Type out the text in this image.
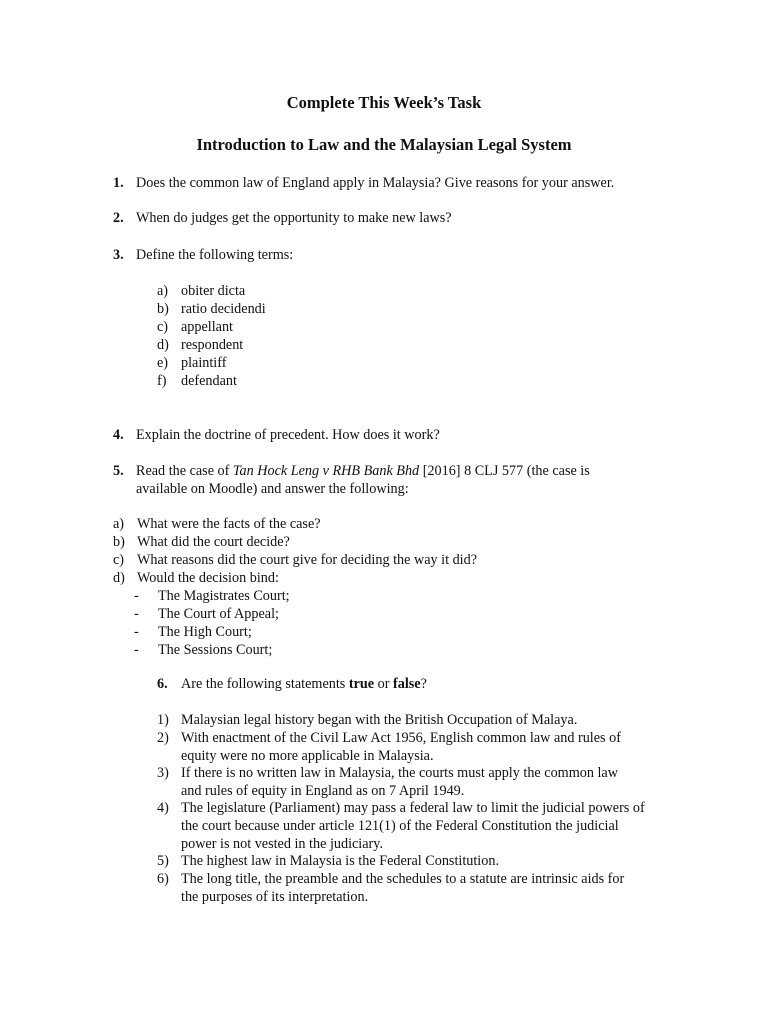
Complete This Week’s Task
Introduction to Law and the Malaysian Legal System
1. Does the common law of England apply in Malaysia? Give reasons for your answer.
2. When do judges get the opportunity to make new laws?
3. Define the following terms:
a) obiter dicta
b) ratio decidendi
c) appellant
d) respondent
e) plaintiff
f)	defendant
4. Explain the doctrine of precedent. How does it work?
5. Read the case of Tan Hock Leng v RHB Bank Bhd [2016] 8 CLJ 577 (the case is
available on Moodle) and answer the following:
a) What were the facts of the case?
b) What did the court decide?
c) What reasons did the court give for deciding the way it did?
d) Would the decision bind:
-	The Magistrates Court;
-	The Court of Appeal;
-	The High Court;
-	The Sessions Court;
6. Are the following statements true or false?
1) Malaysian legal history began with the British Occupation of Malaya.
2) With enactment of the Civil Law Act 1956, English common law and rules of
equity were no more applicable in Malaysia.
3) If there is no written law in Malaysia, the courts must apply the common law
and rules of equity in England as on 7 April 1949.
4) The legislature (Parliament) may pass a federal law to limit the judicial powers of
the court because under article 121(1) of the Federal Constitution the judicial
power is not vested in the judiciary.
5) The highest law in Malaysia is the Federal Constitution.
6) The long title, the preamble and the schedules to a statute are intrinsic aids for
the purposes of its interpretation.
